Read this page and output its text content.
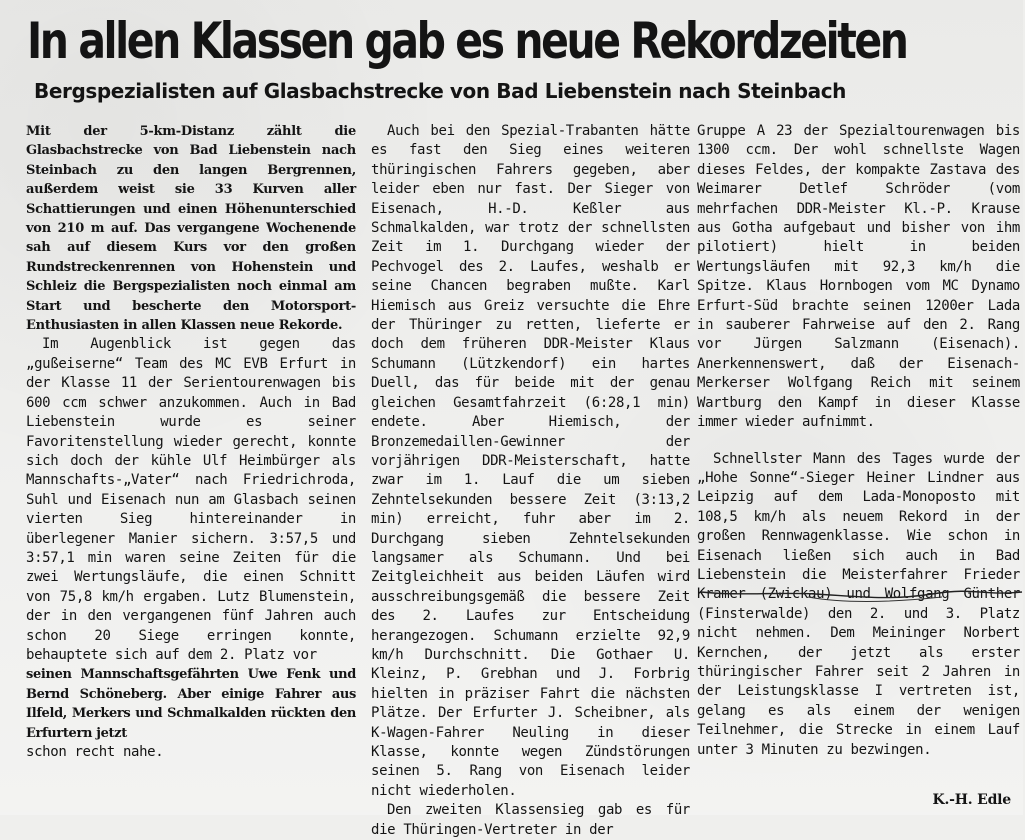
In allen Klassen gab es neue Rekordzeiten
Bergspezialisten auf Glasbachstrecke von Bad Liebenstein nach Steinbach

Mit der 5-km-Distanz zählt die Glasbachstrecke von Bad Liebenstein nach Steinbach zu den langen Bergrennen, außerdem weist sie 33 Kurven aller Schattierungen und einen Höhenunterschied von 210 m auf. Das vergangene Wochenende sah auf diesem Kurs vor den großen Rundstreckenrennen von Hohenstein und Schleiz die Bergspezialisten noch einmal am Start und bescherte den Motorsport-Enthusiasten in allen Klassen neue Rekorde.

Im Augenblick ist gegen das „gußeiserne“ Team des MC EVB Erfurt in der Klasse 11 der Serientourenwagen bis 600 ccm schwer anzukommen. Auch in Bad Liebenstein wurde es seiner Favoritenstellung wieder gerecht, konnte sich doch der kühle Ulf Heimbürger als Mannschafts-„Vater“ nach Friedrichroda, Suhl und Eisenach nun am Glasbach seinen vierten Sieg hintereinander in überlegener Manier sichern. 3:57,5 und 3:57,1 min waren seine Zeiten für die zwei Wertungsläufe, die einen Schnitt von 75,8 km/h ergaben. Lutz Blumenstein, der in den vergangenen fünf Jahren auch schon 20 Siege erringen konnte, behauptete sich auf dem 2. Platz vor

seinen Mannschaftsgefährten Uwe Fenk und Bernd Schöneberg. Aber einige Fahrer aus Ilfeld, Merkers und Schmalkalden rückten den Erfurtern jetzt

schon recht nahe.

Auch bei den Spezial-Trabanten hätte es fast den Sieg eines weiteren thüringischen Fahrers gegeben, aber leider eben nur fast. Der Sieger von Eisenach, H.-D. Keßler aus Schmalkalden, war trotz der schnellsten Zeit im 1. Durchgang wieder der Pechvogel des 2. Laufes, weshalb er seine Chancen begraben mußte. Karl Hiemisch aus Greiz versuchte die Ehre der Thüringer zu retten, lieferte er doch dem früheren DDR-Meister Klaus Schumann (Lützkendorf) ein hartes Duell, das für beide mit der genau gleichen Gesamtfahrzeit (6:28,1 min) endete. Aber Hiemisch, der Bronzemedaillen-Gewinner der vorjährigen DDR-Meisterschaft, hatte zwar im 1. Lauf die um sieben Zehntelsekunden bessere Zeit (3:13,2 min) erreicht, fuhr aber im 2. Durchgang sieben Zehntelsekunden langsamer als Schumann. Und bei Zeitgleichheit aus beiden Läufen wird ausschreibungsgemäß die bessere Zeit des 2. Laufes zur Entscheidung herangezogen. Schumann erzielte 92,9 km/h Durchschnitt. Die Gothaer U. Kleinz, P. Grebhan und J. Forbrig hielten in präziser Fahrt die nächsten Plätze. Der Erfurter J. Scheibner, als K-Wagen-Fahrer Neuling in dieser Klasse, konnte wegen Zündstörungen seinen 5. Rang von Eisenach leider nicht wiederholen.

Den zweiten Klassensieg gab es für die Thüringen-Vertreter in der

Gruppe A 23 der Spezialtourenwagen bis 1300 ccm. Der wohl schnellste Wagen dieses Feldes, der kompakte Zastava des Weimarer Detlef Schröder (vom mehrfachen DDR-Meister Kl.-P. Krause aus Gotha aufgebaut und bisher von ihm pilotiert) hielt in beiden Wertungsläufen mit 92,3 km/h die Spitze. Klaus Hornbogen vom MC Dynamo Erfurt-Süd brachte seinen 1200er Lada in sauberer Fahrweise auf den 2. Rang vor Jürgen Salzmann (Eisenach). Anerkennenswert, daß der Eisenach-Merkerser Wolfgang Reich mit seinem Wartburg den Kampf in dieser Klasse immer wieder aufnimmt.

Schnellster Mann des Tages wurde der „Hohe Sonne“-Sieger Heiner Lindner aus Leipzig auf dem Lada-Monoposto mit 108,5 km/h als neuem Rekord in der großen Rennwagenklasse. Wie schon in Eisenach ließen sich auch in Bad Liebenstein die Meisterfahrer Frieder Kramer (Zwickau) und Wolfgang Günther (Finsterwalde) den 2. und 3. Platz nicht nehmen. Dem Meininger Norbert Kernchen, der jetzt als erster thüringischer Fahrer seit 2 Jahren in der Leistungsklasse I vertreten ist, gelang es als einem der wenigen Teilnehmer, die Strecke in einem Lauf unter 3 Minuten zu bezwingen.

K.-H. Edle
